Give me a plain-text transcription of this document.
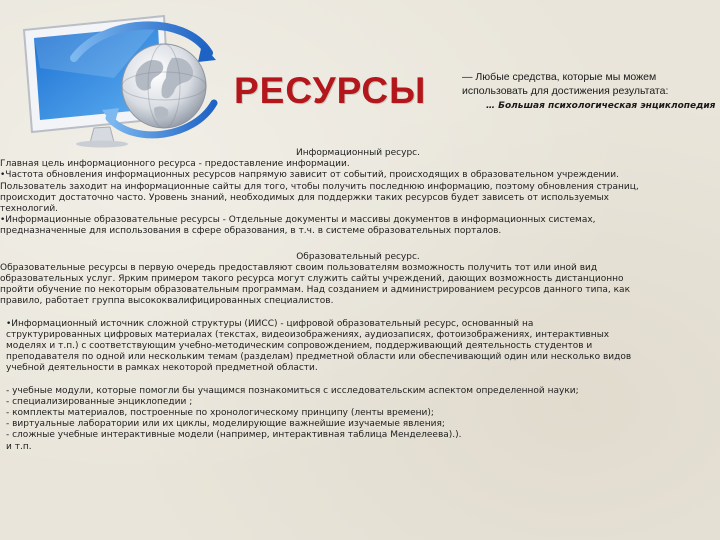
РЕСУРСЫ	— Любые средства, которые мы можем использовать для достижения результата:
… Большая психологическая энциклопедия

Информационный ресурс.

Главная цель информационного ресурса - предоставление информации.

•Частота обновления информационных ресурсов напрямую зависит от событий, происходящих в образовательном учреждении.

Пользователь заходит на информационные сайты для того, чтобы получить последнюю информацию, поэтому обновления страниц,

происходит достаточно часто. Уровень знаний, необходимых для поддержки таких ресурсов будет зависеть от используемых

технологий.

•Информационные образовательные ресурсы - Отдельные документы и массивы документов в информационных системах,

предназначенные для использования в сфере образования, в т.ч. в системе образовательных порталов.

Образовательный ресурс.

Образовательные ресурсы в первую очередь предоставляют своим пользователям возможность получить тот или иной вид

образовательных услуг. Ярким примером такого ресурса могут служить сайты учреждений, дающих возможность дистанционно

пройти обучение по некоторым образовательным программам. Над созданием и администрированием ресурсов данного типа, как

правило, работает группа высококвалифицированных специалистов.

•Информационный источник сложной структуры (ИИСС) - цифровой образовательный ресурс, основанный на

структурированных цифровых материалах (текстах, видеоизображениях, аудиозаписях, фотоизображениях, интерактивных

моделях и т.п.) с соответствующим учебно-методическим сопровождением, поддерживающий деятельность студентов и

преподавателя по одной или нескольким темам (разделам) предметной области или обеспечивающий один или несколько видов

учебной деятельности в рамках некоторой предметной области.

- учебные модули, которые помогли бы учащимся познакомиться с исследовательским аспектом определенной науки;
- специализированные энциклопедии ;
- комплекты материалов, построенные по хронологическому принципу (ленты времени);
- виртуальные лаборатории или их циклы, моделирующие важнейшие изучаемые явления;
- сложные учебные интерактивные модели (например, интерактивная таблица Менделеева).).
и т.п.
